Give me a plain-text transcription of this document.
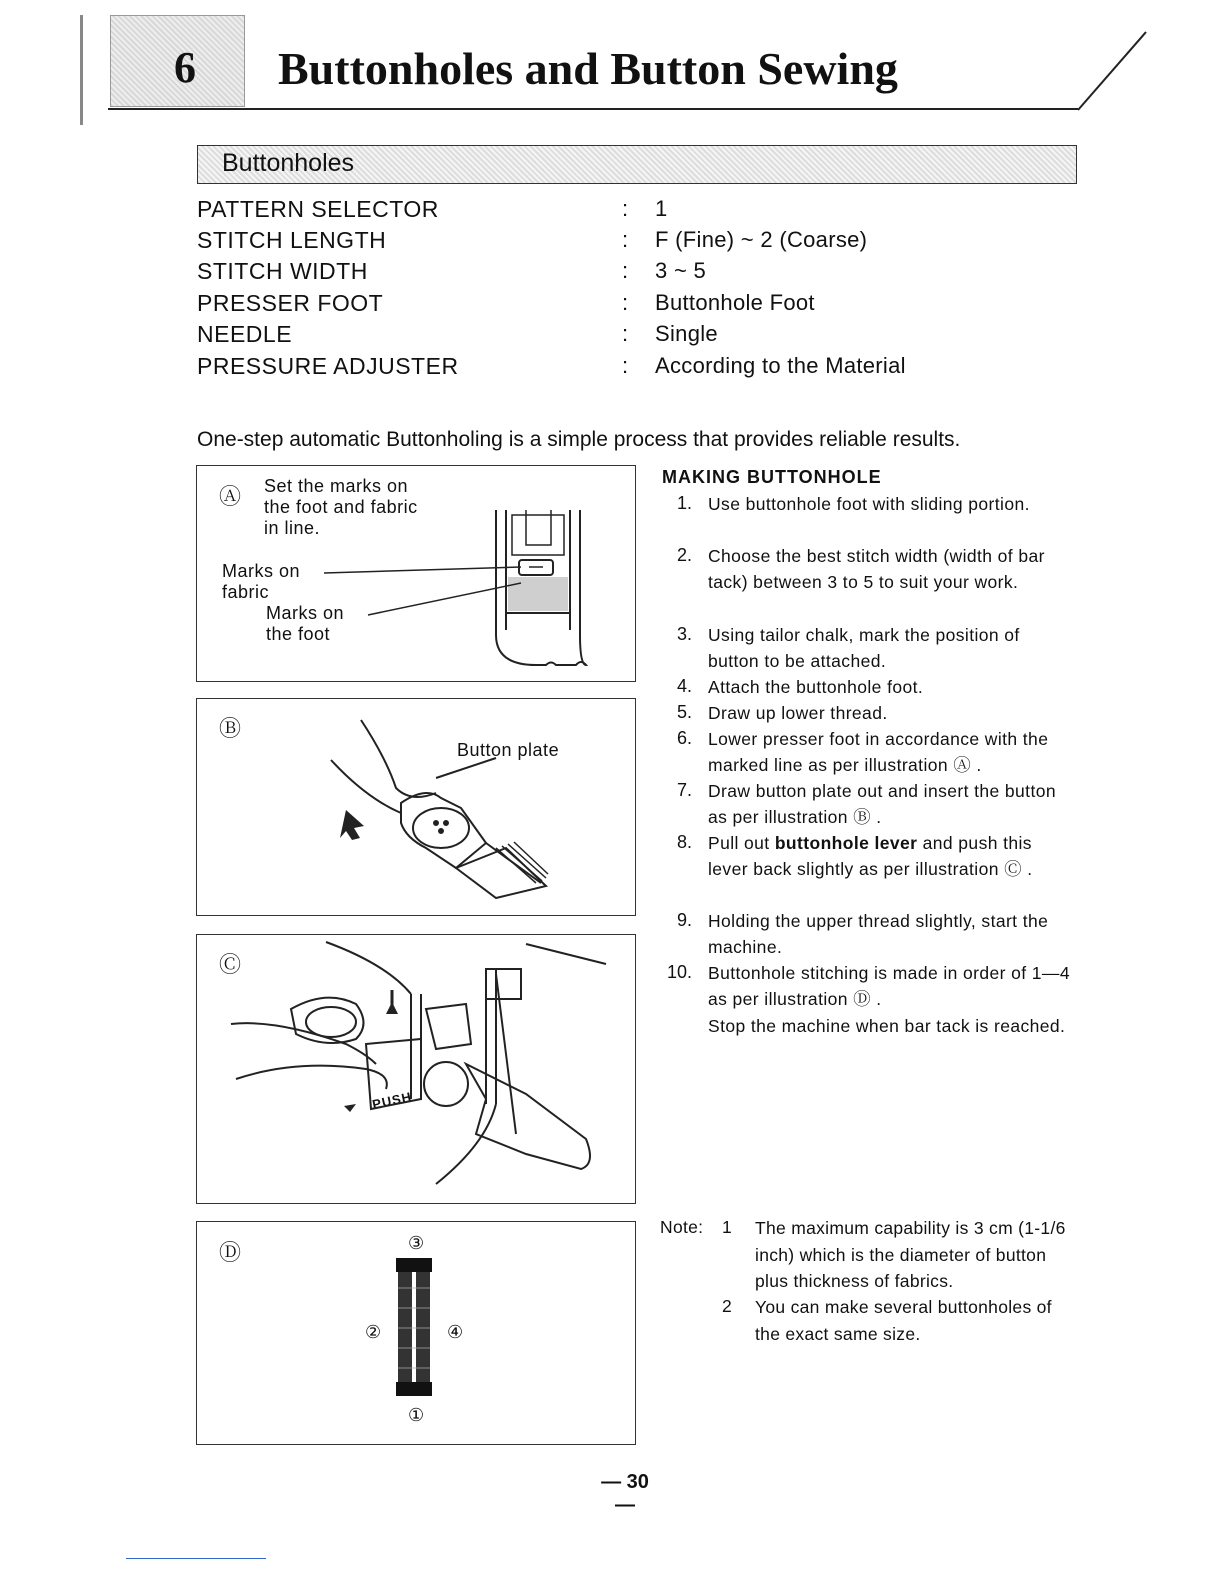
6	Buttonholes and Button Sewing
Buttonholes
PATTERN SELECTOR	: 1
STITCH LENGTH	: F (Fine) ~ 2 (Coarse)
STITCH WIDTH	: 3 ~ 5
PRESSER FOOT	: Buttonhole Foot
NEEDLE	: Single
PRESSURE ADJUSTER	: According to the Material
One-step automatic Buttonholing is a simple process that provides reliable results.
Ⓐ Set the marks on
the foot and fabric
in line.
Marks on
fabric
Marks on
the foot
Ⓑ
Button plate
Ⓒ
PUSH
Ⓓ	③
②	④
①
MAKING BUTTONHOLE
1. Use buttonhole foot with sliding portion.
2. Choose the best stitch width (width of bar tack) between 3 to 5 to suit your work.
3. Using tailor chalk, mark the position of button to be attached.
4. Attach the buttonhole foot.
5. Draw up lower thread.
6. Lower presser foot in accordance with the marked line as per illustration Ⓐ .
7. Draw button plate out and insert the button as per illustration Ⓑ .
8. Pull out buttonhole lever and push this lever back slightly as per illustration Ⓒ .
9. Holding the upper thread slightly, start the machine.
10. Buttonhole stitching is made in order of 1—4 as per illustration Ⓓ .
Stop the machine when bar tack is reached.
Note: 1 The maximum capability is 3 cm (1-1/6 inch) which is the diameter of button plus thickness of fabrics.
2 You can make several buttonholes of the exact same size.
— 30 —
